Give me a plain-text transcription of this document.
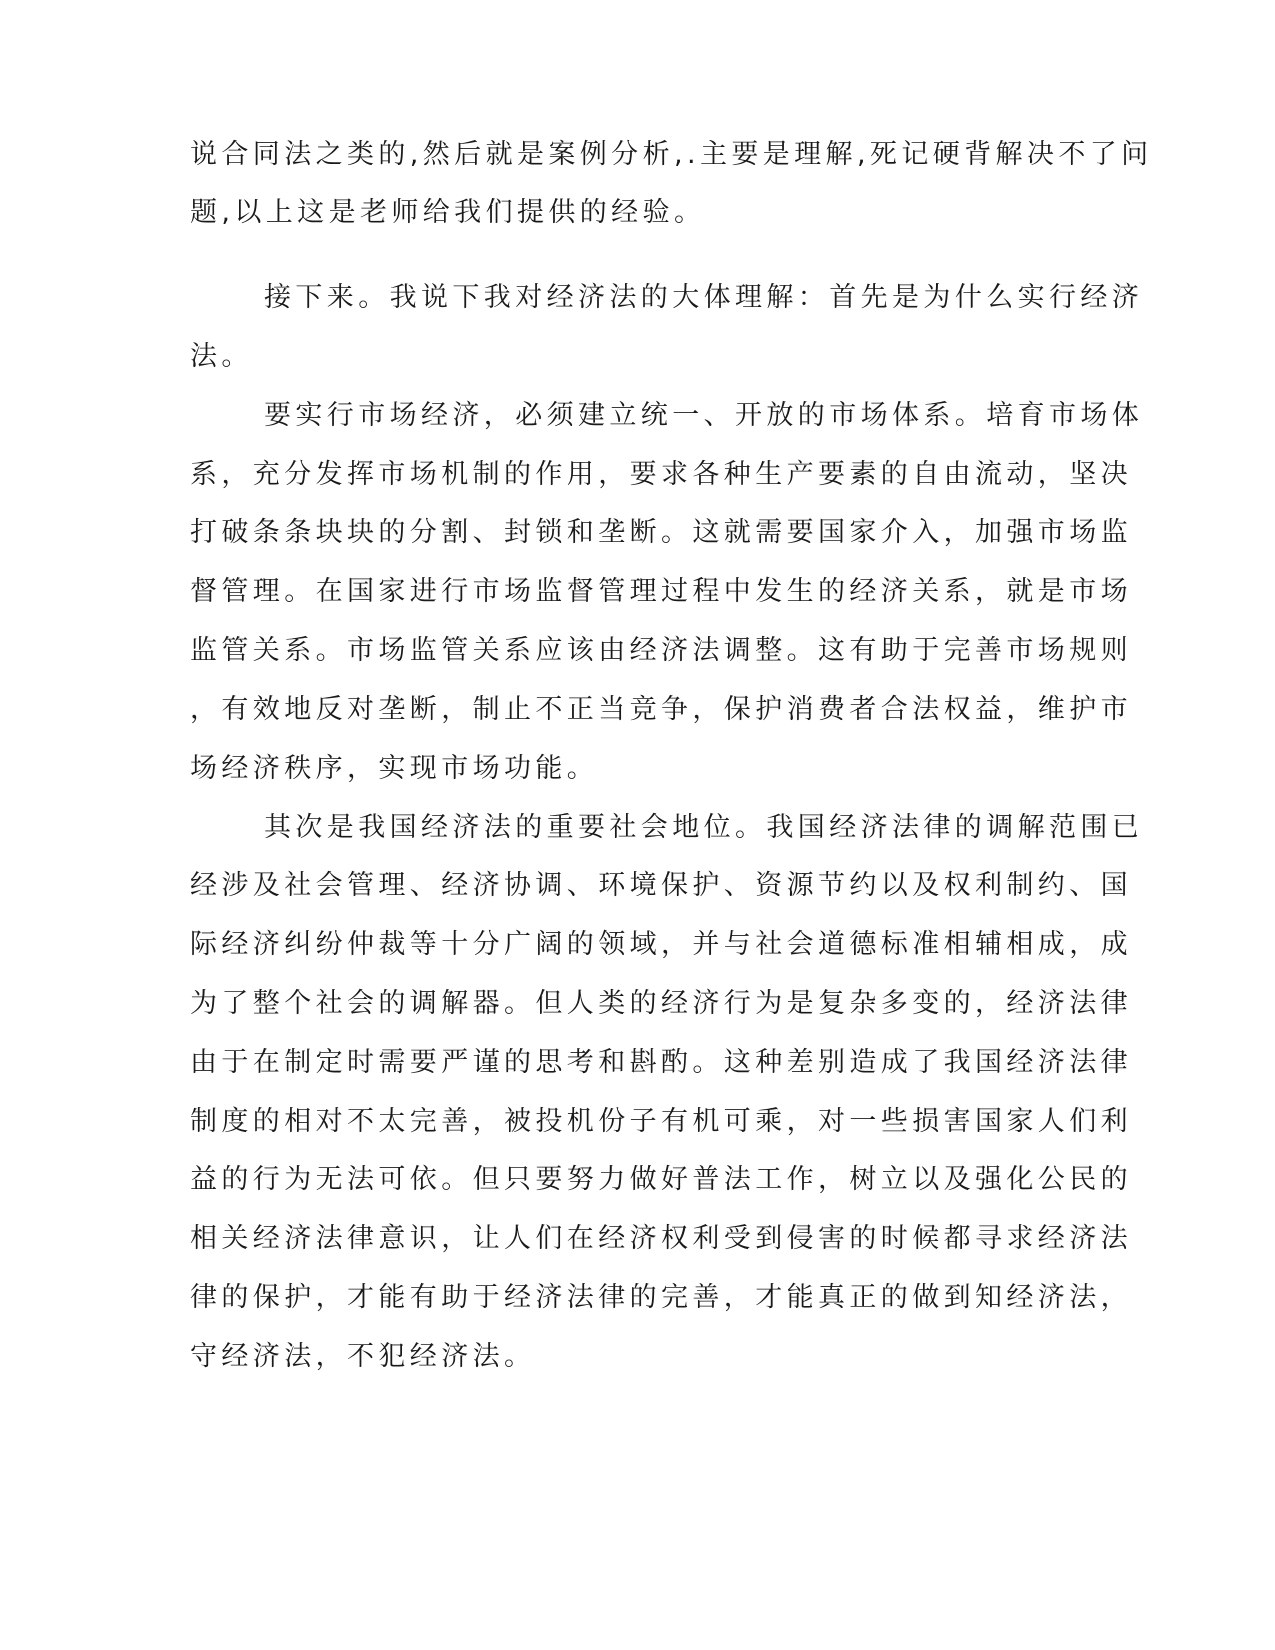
说合同法之类的,然后就是案例分析,.主要是理解,死记硬背解决不了问
题,以上这是老师给我们提供的经验。
接下来。我说下我对经济法的大体理解：首先是为什么实行经济
法。
要实行市场经济，必须建立统一、开放的市场体系。培育市场体
系，充分发挥市场机制的作用，要求各种生产要素的自由流动，坚决
打破条条块块的分割、封锁和垄断。这就需要国家介入，加强市场监
督管理。在国家进行市场监督管理过程中发生的经济关系，就是市场
监管关系。市场监管关系应该由经济法调整。这有助于完善市场规则
，有效地反对垄断，制止不正当竞争，保护消费者合法权益，维护市
场经济秩序，实现市场功能。
其次是我国经济法的重要社会地位。我国经济法律的调解范围已
经涉及社会管理、经济协调、环境保护、资源节约以及权利制约、国
际经济纠纷仲裁等十分广阔的领域，并与社会道德标准相辅相成，成
为了整个社会的调解器。但人类的经济行为是复杂多变的，经济法律
由于在制定时需要严谨的思考和斟酌。这种差别造成了我国经济法律
制度的相对不太完善，被投机份子有机可乘，对一些损害国家人们利
益的行为无法可依。但只要努力做好普法工作，树立以及强化公民的
相关经济法律意识，让人们在经济权利受到侵害的时候都寻求经济法
律的保护，才能有助于经济法律的完善，才能真正的做到知经济法，
守经济法，不犯经济法。
